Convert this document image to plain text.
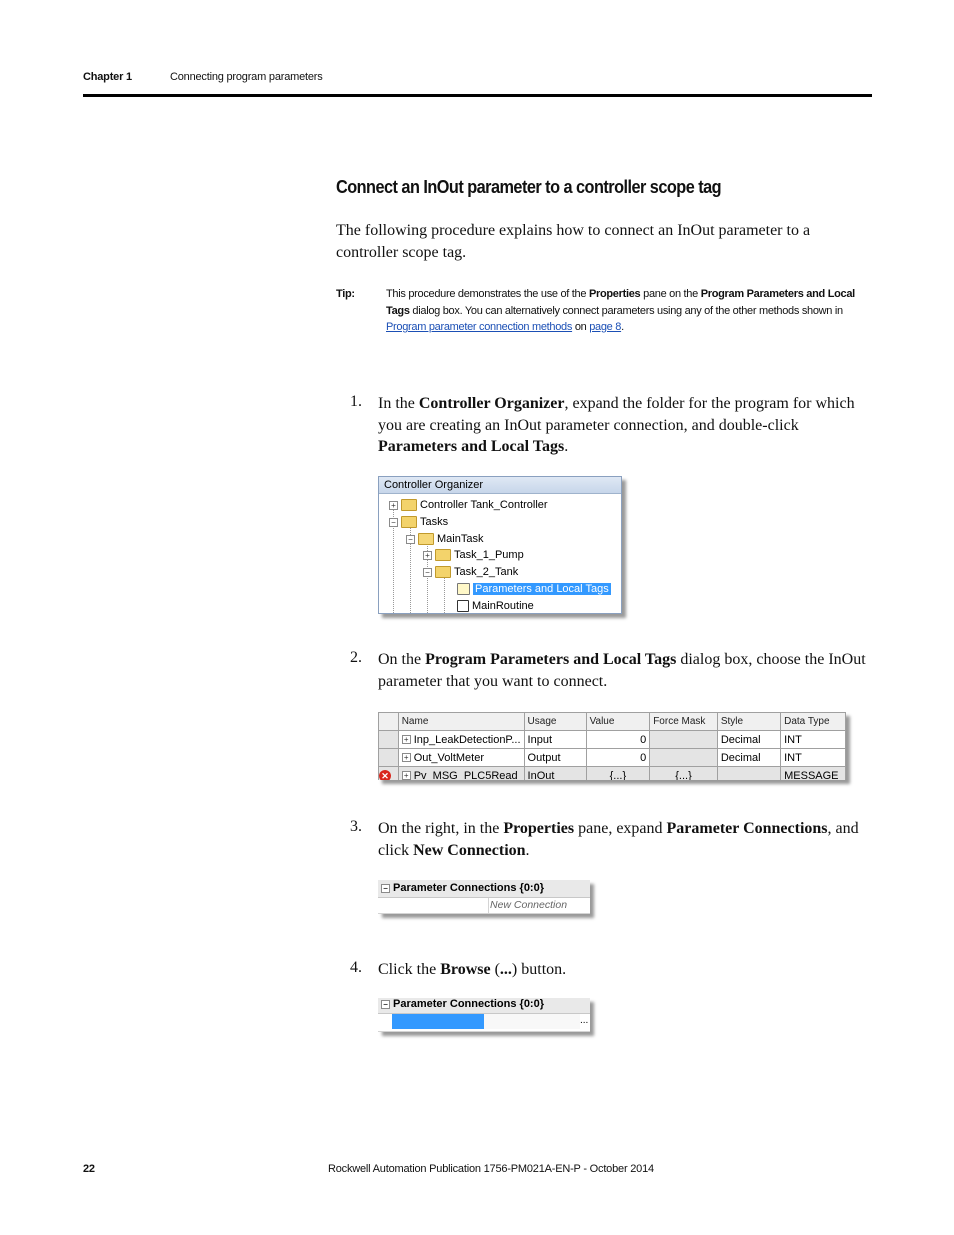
Chapter 1	Connecting program parameters
Connect an InOut parameter to a controller scope tag
The following procedure explains how to connect an InOut parameter to a controller scope tag.
Tip:	This procedure demonstrates the use of the Properties pane on the Program Parameters and Local Tags dialog box. You can alternatively connect parameters using any of the other methods shown in Program parameter connection methods on page 8.
1. In the Controller Organizer, expand the folder for the program for which you are creating an InOut parameter connection, and double-click Parameters and Local Tags.
Controller Organizer
+ Controller Tank_Controller
− Tasks
− MainTask
+ Task_1_Pump
− Task_2_Tank
Parameters and Local Tags
MainRoutine
2. On the Program Parameters and Local Tags dialog box, choose the InOut parameter that you want to connect.
	Name	Usage	Value	Force Mask	Style	Data Type
	+ Inp_LeakDetectionP...	Input	0		Decimal	INT
	+ Out_VoltMeter	Output	0		Decimal	INT
✕	+ Pv_MSG_PLC5Read	InOut	{...}	{...}		MESSAGE
3. On the right, in the Properties pane, expand Parameter Connections, and click New Connection.
− Parameter Connections {0:0}
New Connection
4. Click the Browse (...) button.
− Parameter Connections {0:0}
...
22	Rockwell Automation Publication 1756-PM021A-EN-P - October 2014
